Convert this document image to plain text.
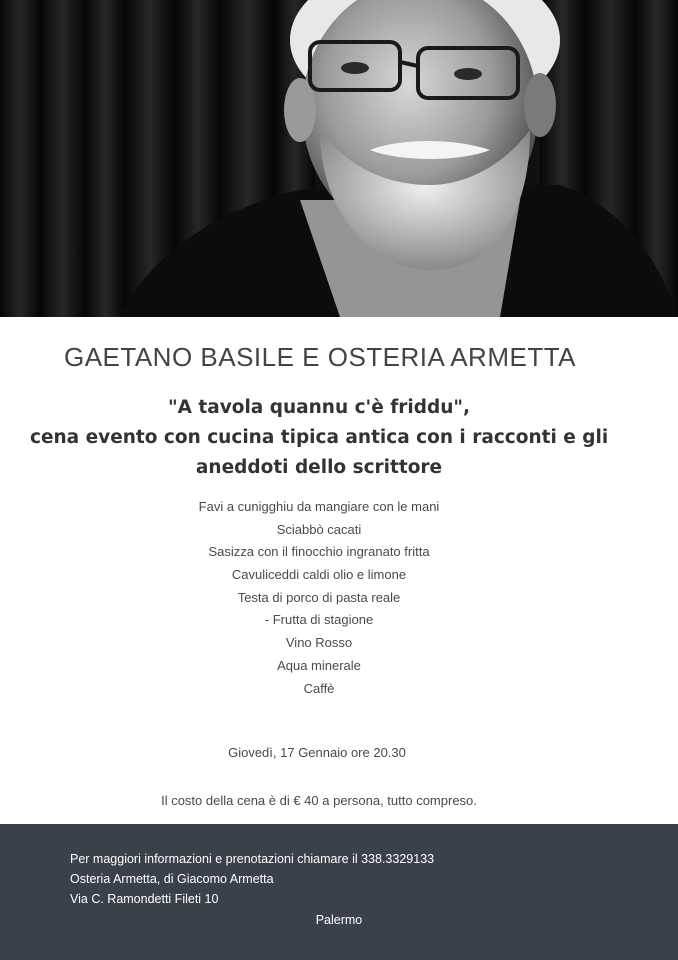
GAETANO BASILE E OSTERIA ARMETTA
"A tavola quannu c'è friddu",
cena evento con cucina tipica antica con i racconti e gli
aneddoti dello scrittore
Favi a cunigghiu da mangiare con le mani
Sciabbò cacati
Sasizza con il finocchio ingranato fritta
Cavuliceddi caldi olio e limone
Testa di porco di pasta reale
- Frutta di stagione
Vino Rosso
Aqua minerale
Caffè
Giovedì, 17 Gennaio ore 20.30
Il costo della cena è di € 40 a persona, tutto compreso.
Per maggiori informazioni e prenotazioni chiamare il 338.3329133
Osteria Armetta, di Giacomo Armetta
Via C. Ramondetti Fileti 10
Palermo
